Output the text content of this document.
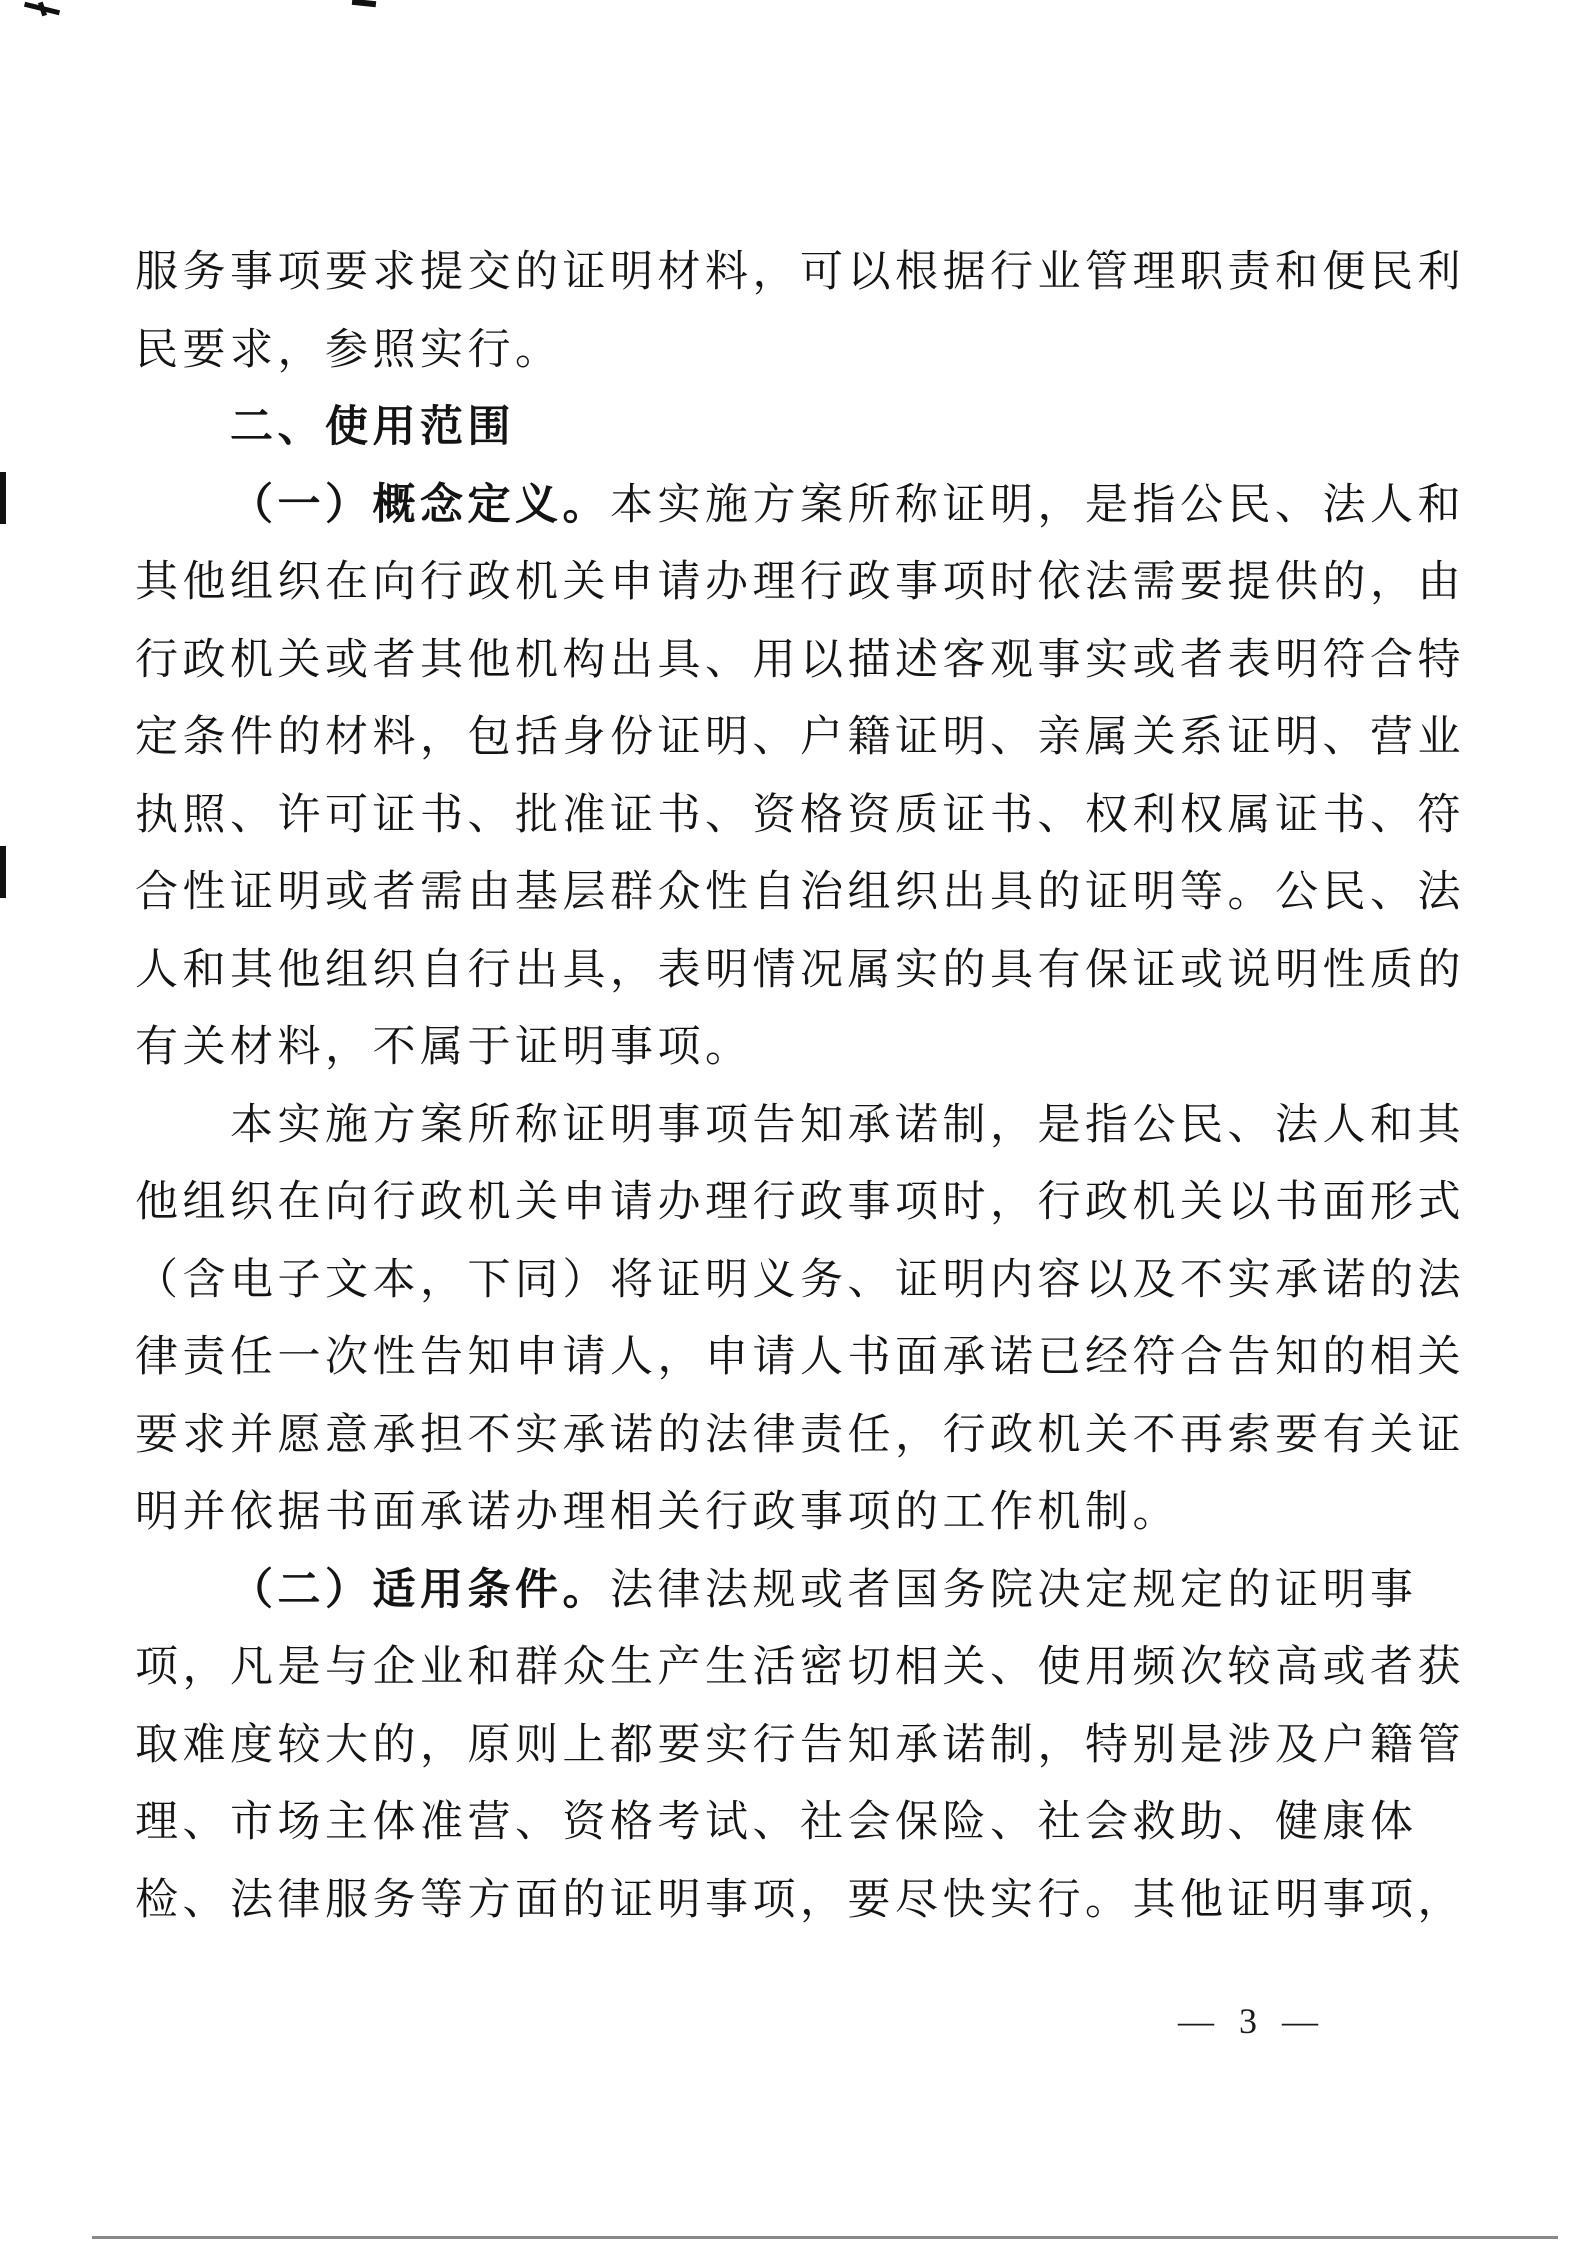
服务事项要求提交的证明材料，可以根据行业管理职责和便民利
民要求，参照实行。
二、使用范围
（一）概念定义。本实施方案所称证明，是指公民、法人和
其他组织在向行政机关申请办理行政事项时依法需要提供的，由
行政机关或者其他机构出具、用以描述客观事实或者表明符合特
定条件的材料，包括身份证明、户籍证明、亲属关系证明、营业
执照、许可证书、批准证书、资格资质证书、权利权属证书、符
合性证明或者需由基层群众性自治组织出具的证明等。公民、法
人和其他组织自行出具，表明情况属实的具有保证或说明性质的
有关材料，不属于证明事项。
本实施方案所称证明事项告知承诺制，是指公民、法人和其
他组织在向行政机关申请办理行政事项时，行政机关以书面形式
（含电子文本，下同）将证明义务、证明内容以及不实承诺的法
律责任一次性告知申请人，申请人书面承诺已经符合告知的相关
要求并愿意承担不实承诺的法律责任，行政机关不再索要有关证
明并依据书面承诺办理相关行政事项的工作机制。
（二）适用条件。法律法规或者国务院决定规定的证明事
项，凡是与企业和群众生产生活密切相关、使用频次较高或者获
取难度较大的，原则上都要实行告知承诺制，特别是涉及户籍管
理、市场主体准营、资格考试、社会保险、社会救助、健康体
检、法律服务等方面的证明事项，要尽快实行。其他证明事项，
— 3 —
